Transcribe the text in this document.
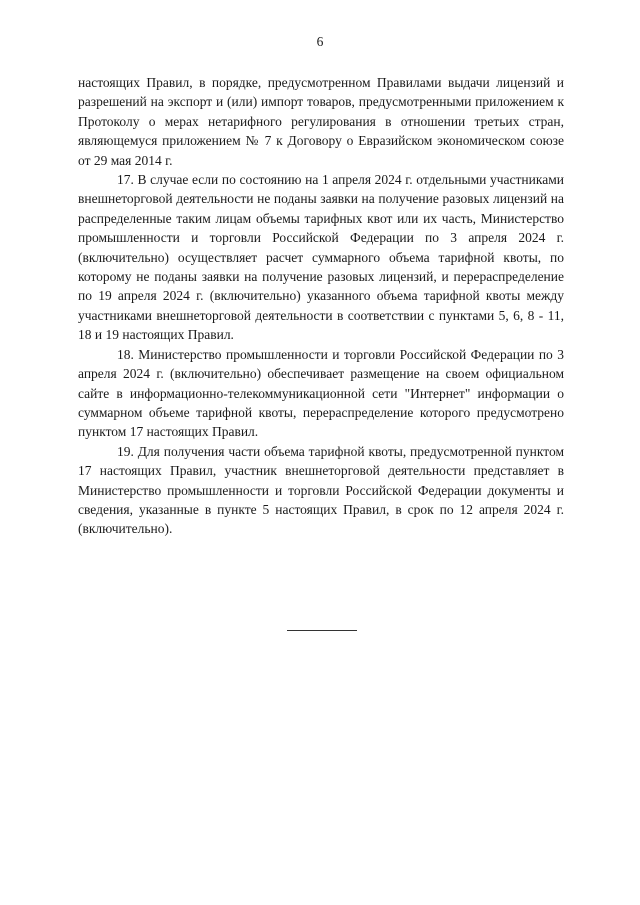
6

настоящих Правил, в порядке, предусмотренном Правилами выдачи лицензий и разрешений на экспорт и (или) импорт товаров, предусмотренными приложением к Протоколу о мерах нетарифного регулирования в отношении третьих стран, являющемуся приложением № 7 к Договору о Евразийском экономическом союзе от 29 мая 2014 г.

17. В случае если по состоянию на 1 апреля 2024 г. отдельными участниками внешнеторговой деятельности не поданы заявки на получение разовых лицензий на распределенные таким лицам объемы тарифных квот или их часть, Министерство промышленности и торговли Российской Федерации по 3 апреля 2024 г. (включительно) осуществляет расчет суммарного объема тарифной квоты, по которому не поданы заявки на получение разовых лицензий, и перераспределение по 19 апреля 2024 г. (включительно) указанного объема тарифной квоты между участниками внешнеторговой деятельности в соответствии с пунктами 5, 6, 8 - 11, 18 и 19 настоящих Правил.

18. Министерство промышленности и торговли Российской Федерации по 3 апреля 2024 г. (включительно) обеспечивает размещение на своем официальном сайте в информационно-телекоммуникационной сети "Интернет" информации о суммарном объеме тарифной квоты, перераспределение которого предусмотрено пунктом 17 настоящих Правил.

19. Для получения части объема тарифной квоты, предусмотренной пунктом 17 настоящих Правил, участник внешнеторговой деятельности представляет в Министерство промышленности и торговли Российской Федерации документы и сведения, указанные в пункте 5 настоящих Правил, в срок по 12 апреля 2024 г. (включительно).
